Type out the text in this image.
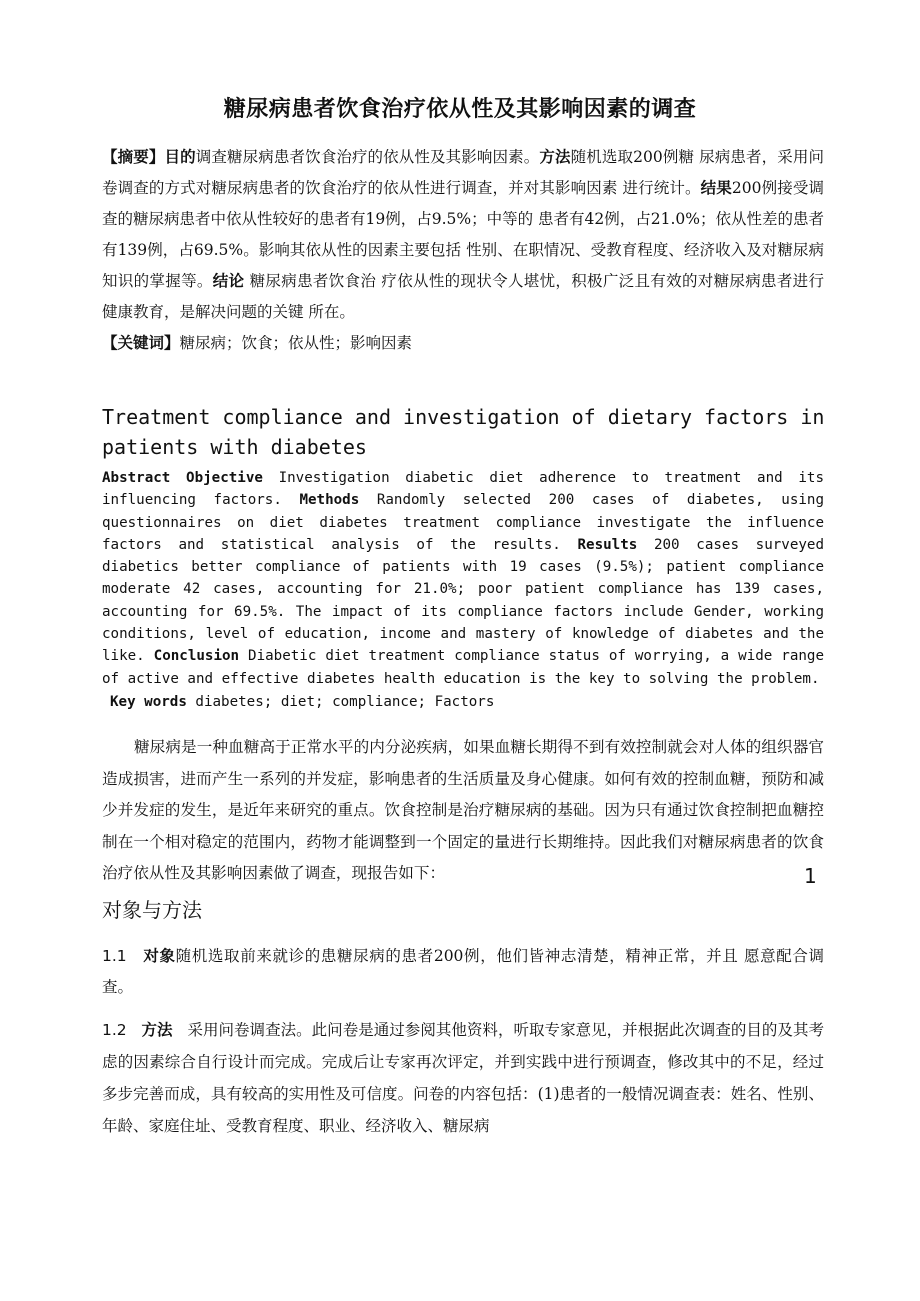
糖尿病患者饮食治疗依从性及其影响因素的调查
【摘要】目的调查糖尿病患者饮食治疗的依从性及其影响因素。方法随机选取200例糖 尿病患者，采用问卷调查的方式对糖尿病患者的饮食治疗的依从性进行调查，并对其影响因素 进行统计。结果200例接受调查的糖尿病患者中依从性较好的患者有19例，占9.5%；中等的 患者有42例，占21.0%；依从性差的患者有139例，占69.5%。影响其依从性的因素主要包括 性别、在职情况、受教育程度、经济收入及对糖尿病知识的掌握等。结论 糖尿病患者饮食治 疗依从性的现状令人堪忧，积极广泛且有效的对糖尿病患者进行健康教育，是解决问题的关键 所在。
【关键词】糖尿病；饮食；依从性；影响因素
Treatment compliance and investigation of dietary factors in patients with diabetes
Abstract Objective Investigation diabetic diet adherence to treatment and its influencing factors. Methods Randomly selected 200 cases of diabetes, using questionnaires on diet diabetes treatment compliance investigate the influence factors and statistical analysis of the results. Results 200 cases surveyed diabetics better compliance of patients with 19 cases (9.5%); patient compliance moderate 42 cases, accounting for 21.0%; poor patient compliance has 139 cases, accounting for 69.5%. The impact of its compliance factors include Gender, working conditions, level of education, income and mastery of knowledge of diabetes and the like. Conclusion Diabetic diet treatment compliance status of worrying, a wide range of active and effective diabetes health education is the key to solving the problem.
Key words diabetes; diet; compliance; Factors
糖尿病是一种血糖高于正常水平的内分泌疾病，如果血糖长期得不到有效控制就会对人体的组织器官造成损害，进而产生一系列的并发症，影响患者的生活质量及身心健康。如何有效的控制血糖，预防和减少并发症的发生，是近年来研究的重点。饮食控制是治疗糖尿病的基础。因为只有通过饮食控制把血糖控制在一个相对稳定的范围内，药物才能调整到一个固定的量进行长期维持。因此我们对糖尿病患者的饮食治疗依从性及其影响因素做了调查，现报告如下：	1
对象与方法
1.1 对象随机选取前来就诊的患糖尿病的患者200例，他们皆神志清楚，精神正常，并且 愿意配合调查。
1.2 方法 采用问卷调查法。此问卷是通过参阅其他资料，听取专家意见，并根据此次调查的目的及其考虑的因素综合自行设计而完成。完成后让专家再次评定，并到实践中进行预调查，修改其中的不足，经过多步完善而成，具有较高的实用性及可信度。问卷的内容包括：(1)患者的一般情况调查表：姓名、性别、年龄、家庭住址、受教育程度、职业、经济收入、糖尿病
